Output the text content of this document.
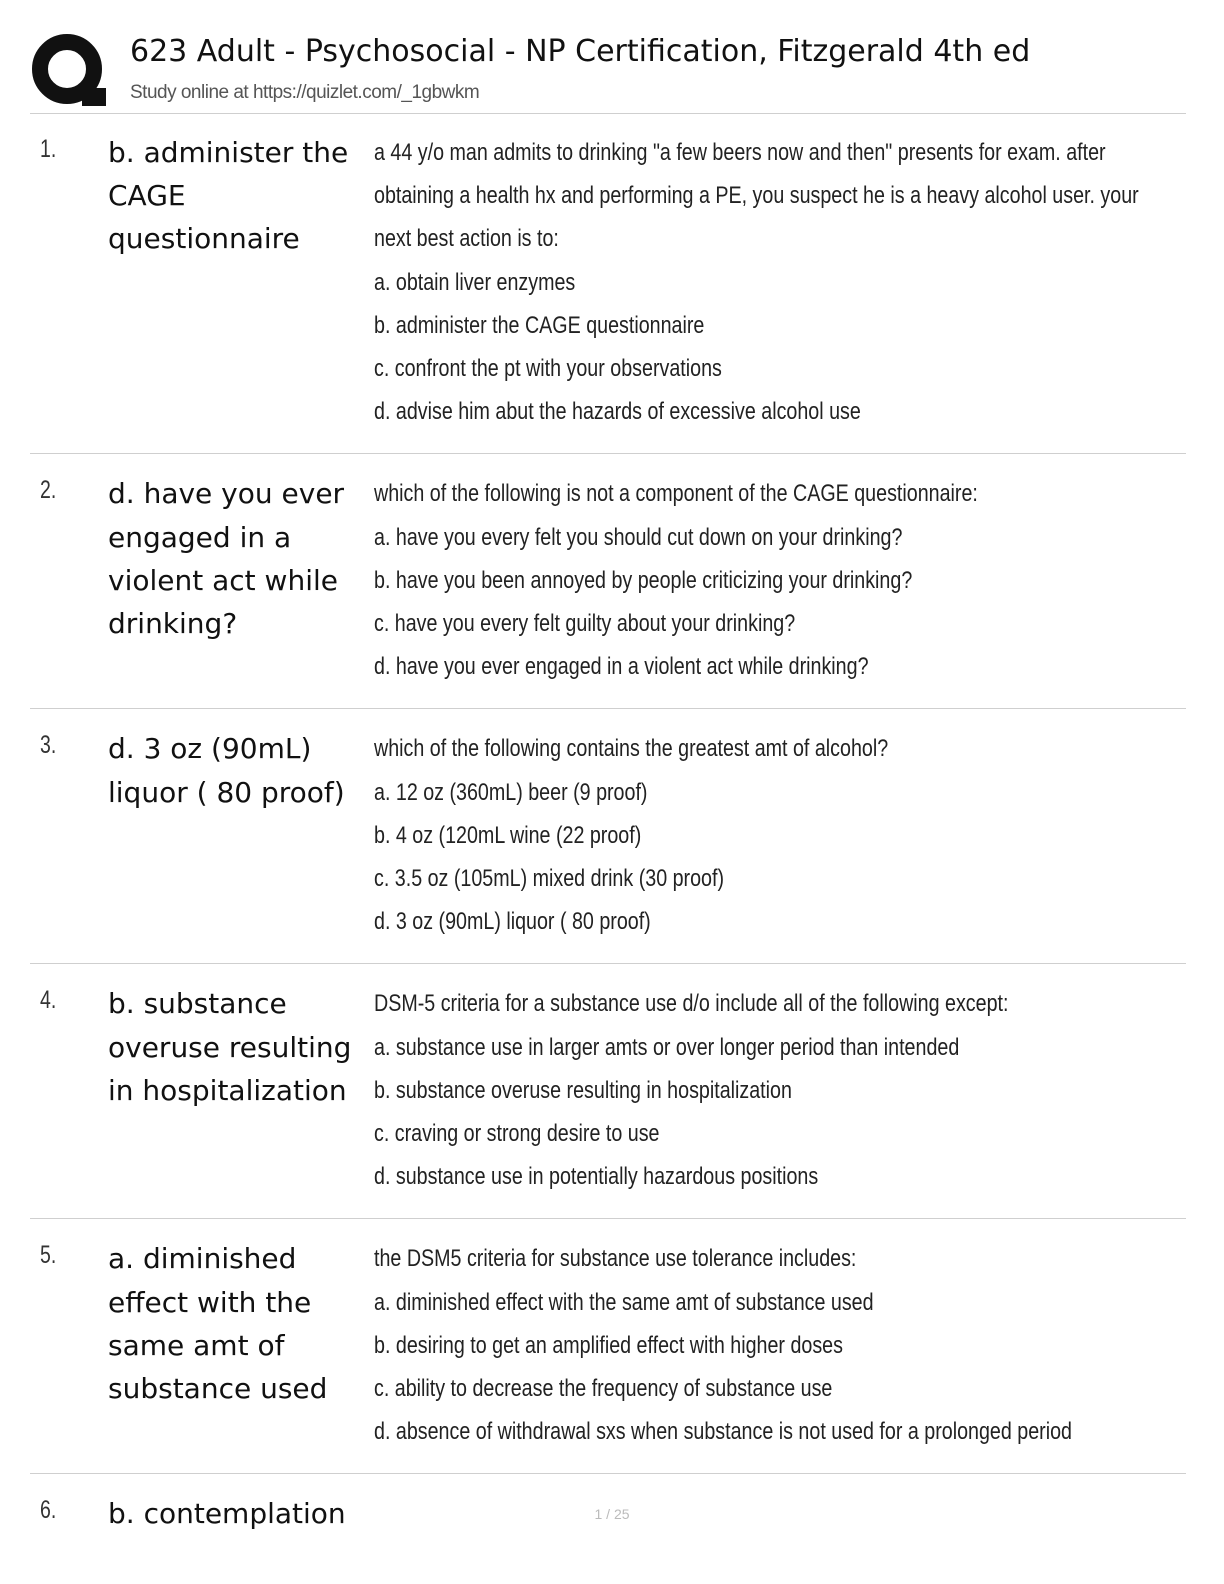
623 Adult - Psychosocial - NP Certification, Fitzgerald 4th ed
Study online at https://quizlet.com/_1gbwkm
1. b. administer the CAGE questionnaire
a 44 y/o man admits to drinking "a few beers now and then" presents for exam. after obtaining a health hx and performing a PE, you suspect he is a heavy alcohol user. your next best action is to:
a. obtain liver enzymes
b. administer the CAGE questionnaire
c. confront the pt with your observations
d. advise him abut the hazards of excessive alcohol use
2. d. have you ever engaged in a violent act while drinking?
which of the following is not a component of the CAGE questionnaire:
a. have you every felt you should cut down on your drinking?
b. have you been annoyed by people criticizing your drinking?
c. have you every felt guilty about your drinking?
d. have you ever engaged in a violent act while drinking?
3. d. 3 oz (90mL) liquor ( 80 proof)
which of the following contains the greatest amt of alcohol?
a. 12 oz (360mL) beer (9 proof)
b. 4 oz (120mL wine (22 proof)
c. 3.5 oz (105mL) mixed drink (30 proof)
d. 3 oz (90mL) liquor ( 80 proof)
4. b. substance overuse resulting in hospitalization
DSM-5 criteria for a substance use d/o include all of the following except:
a. substance use in larger amts or over longer period than intended
b. substance overuse resulting in hospitalization
c. craving or strong desire to use
d. substance use in potentially hazardous positions
5. a. diminished effect with the same amt of substance used
the DSM5 criteria for substance use tolerance includes:
a. diminished effect with the same amt of substance used
b. desiring to get an amplified effect with higher doses
c. ability to decrease the frequency of substance use
d. absence of withdrawal sxs when substance is not used for a prolonged period
6. b. contemplation	1 / 25
